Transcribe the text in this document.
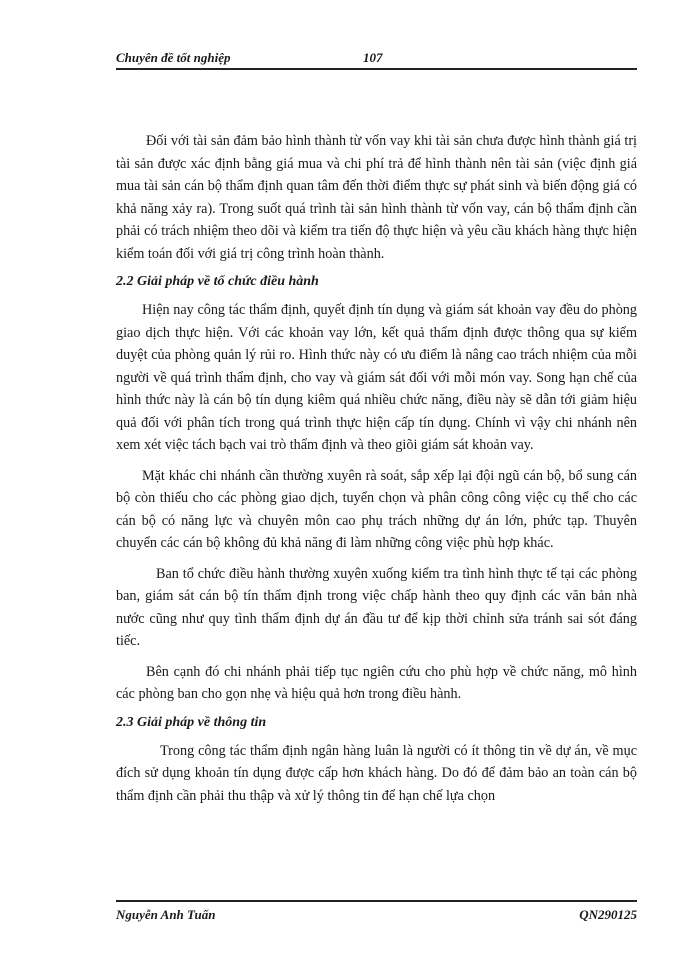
Chuyên đề tốt nghiệp	107

Đối với tài sản đảm bảo hình thành từ vốn vay khi tài sản chưa được hình thành giá trị tài sản được xác định bằng giá mua và chi phí trả để hình thành nên tài sản (việc định giá mua tài sản cán bộ thẩm định quan tâm đến thời điểm thực sự phát sinh và biến động giá có khả năng xảy ra). Trong suốt quá trình tài sản hình thành từ vốn vay, cán bộ thẩm định cần phải có trách nhiệm theo dõi và kiểm tra tiến độ thực hiện và yêu cầu khách hàng thực hiện kiểm toán đối với giá trị công trình hoàn thành.

2.2 Giải pháp về tổ chức điều hành

Hiện nay công tác thẩm định, quyết định tín dụng và giám sát khoản vay đều do phòng giao dịch thực hiện. Với các khoản vay lớn, kết quả thẩm định được thông qua sự kiểm duyệt của phòng quản lý rủi ro. Hình thức này có ưu điểm là nâng cao trách nhiệm của mỗi người về quá trình thẩm định, cho vay và giám sát đối với mỗi món vay. Song hạn chế của hình thức này là cán bộ tín dụng kiêm quá nhiều chức năng, điều này sẽ dẫn tới giảm hiệu quả đối với phân tích trong quá trình thực hiện cấp tín dụng. Chính vì vậy chi nhánh nên xem xét việc tách bạch vai trò thẩm định và theo giõi giám sát khoản vay.

Mặt khác chi nhánh cần thường xuyên rà soát, sắp xếp lại đội ngũ cán bộ, bổ sung cán bộ còn thiếu cho các phòng giao dịch, tuyển chọn và phân công công việc cụ thể cho các cán bộ có năng lực và chuyên môn cao phụ trách những dự án lớn, phức tạp. Thuyên chuyển các cán bộ không đủ khả năng đi làm những công việc phù hợp khác.

Ban tổ chức điều hành thường xuyên xuống kiểm tra tình hình thực tế tại các phòng ban, giám sát cán bộ tín thẩm định trong việc chấp hành theo quy định các văn bản nhà nước cũng như quy tình thẩm định dự án đầu tư để kịp thời chỉnh sửa tránh sai sót đáng tiếc.

Bên cạnh đó chi nhánh phải tiếp tục ngiên cứu cho phù hợp về chức năng, mô hình các phòng ban cho gọn nhẹ và hiệu quả hơn trong điều hành.

2.3 Giải pháp về thông tin

Trong công tác thẩm định ngân hàng luân là người có ít thông tin về dự án, về mục đích sử dụng khoản tín dụng được cấp hơn khách hàng. Do đó để đảm bảo an toàn cán bộ thẩm định cần phải thu thập và xử lý thông tin để hạn chế lựa chọn

Nguyễn Anh Tuấn	QN290125
